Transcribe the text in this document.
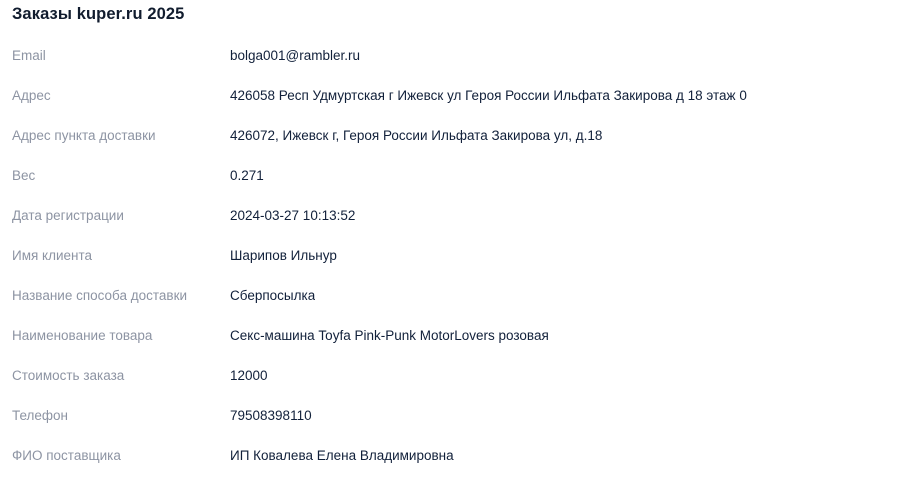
Заказы kuper.ru 2025
Email	bolga001@rambler.ru
Адрес	426058 Респ Удмуртская г Ижевск ул Героя России Ильфата Закирова д 18 этаж 0
Адрес пункта доставки	426072, Ижевск г, Героя России Ильфата Закирова ул, д.18
Вес	0.271
Дата регистрации	2024-03-27 10:13:52
Имя клиента	Шарипов Ильнур
Название способа доставки	Сберпосылка
Наименование товара	Секс-машина Toyfa Pink-Punk MotorLovers розовая
Стоимость заказа	12000
Телефон	79508398110
ФИО поставщика	ИП Ковалева Елена Владимировна
